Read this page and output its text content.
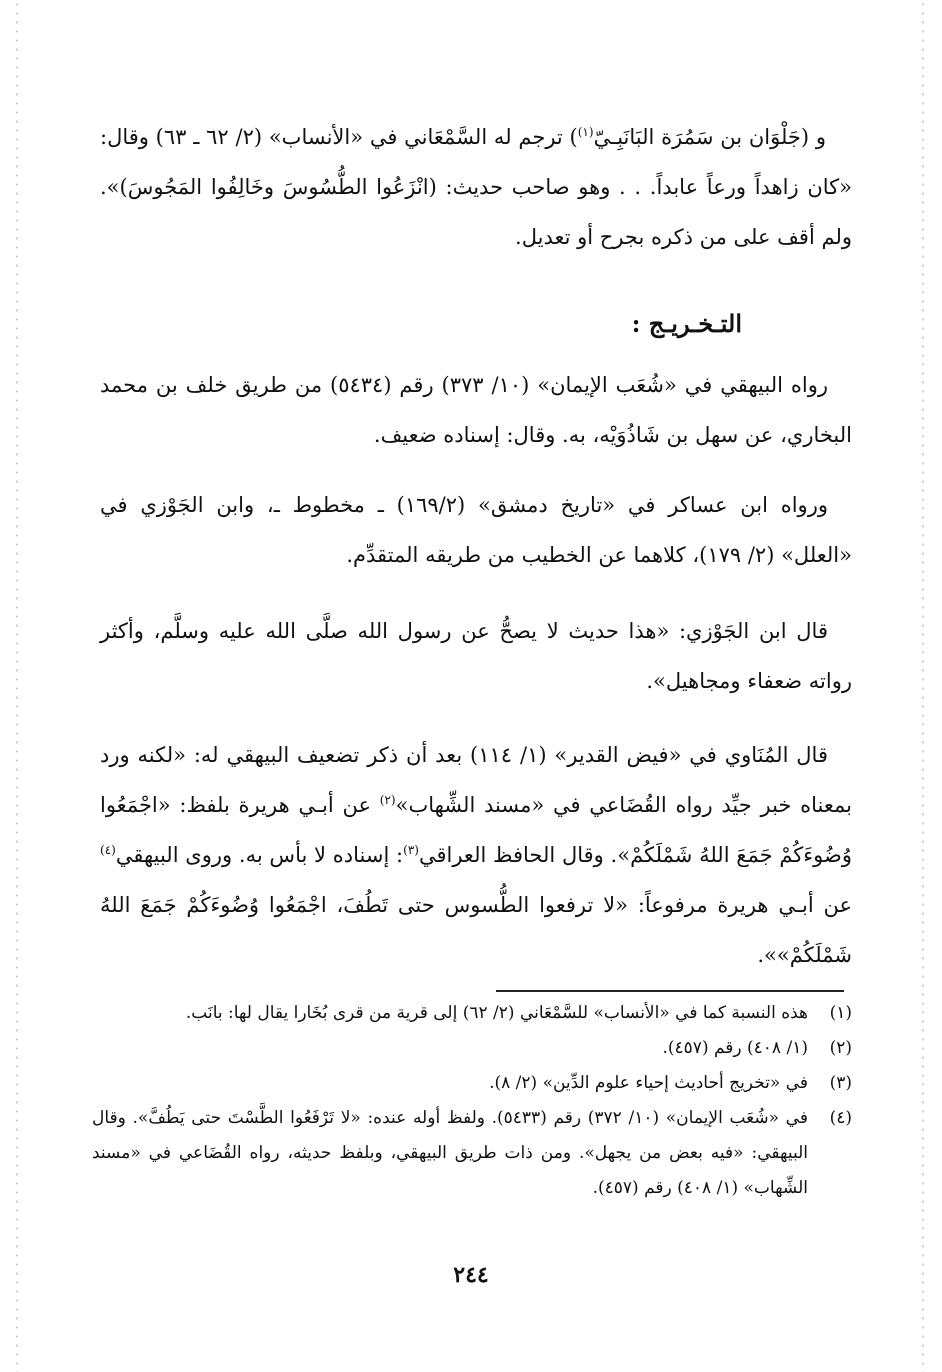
و (جَلْوَان بن سَمُرَة البَانَبِـيّ$^{(١)}$) ترجم له السَّمْعَاني في «الأنساب» (٢/ ٦٢ ـ ٦٣) وقال: «كان زاهداً ورعاً عابداً. . . وهو صاحب حديث: (انْزَعُوا الطُّسُوسَ وخَالِفُوا المَجُوسَ)». ولم أقف على من ذكره بجرح أو تعديل.

التـخـريـج :

رواه البيهقي في «شُعَب الإيمان» (١٠/ ٣٧٣) رقم (٥٤٣٤) من طريق خلف بن محمد البخاري، عن سهل بن شَاذُوَيْه، به. وقال: إسناده ضعيف.

ورواه ابن عساكر في «تاريخ دمشق» (١٦٩/٢) ـ مخطوط ـ، وابن الجَوْزي في «العلل» (٢/ ١٧٩)، كلاهما عن الخطيب من طريقه المتقدِّم.

قال ابن الجَوْزي: «هذا حديث لا يصحُّ عن رسول الله صلَّى الله عليه وسلَّم، وأكثر رواته ضعفاء ومجاهيل».

قال المُنَاوي في «فيض القدير» (١/ ١١٤) بعد أن ذكر تضعيف البيهقي له: «لكنه ورد بمعناه خبر جيِّد رواه القُضَاعي في «مسند الشِّهاب»$^{(٢)}$ عن أبـي هريرة بلفظ: «اجْمَعُوا وُضُوءَكُمْ جَمَعَ اللهُ شَمْلَكُمْ». وقال الحافظ العراقي$^{(٣)}$: إسناده لا بأس به. وروى البيهقي$^{(٤)}$ عن أبـي هريرة مرفوعاً: «لا ترفعوا الطُّسوس حتى تَطُفَ، اجْمَعُوا وُضُوءَكُمْ جَمَعَ اللهُ شَمْلَكُمْ»».

(١)
هذه النسبة كما في «الأنساب» للسَّمْعَاني (٢/ ٦٢) إلى قرية من قرى بُخَارا يقال لها: بانَب.

(٢)
(١/ ٤٠٨) رقم (٤٥٧).

(٣)
في «تخريج أحاديث إحياء علوم الدِّين» (٢/ ٨).

(٤)
في «شُعَب الإيمان» (١٠/ ٣٧٢) رقم (٥٤٣٣). ولفظ أوله عنده: «لا تَرْفَعُوا الطَّسْتَ حتى يَطُفَّ». وقال البيهقي: «فيه بعض من يجهل». ومن ذات طريق البيهقي، وبلفظ حديثه، رواه القُضَاعي في «مسند الشِّهاب» (١/ ٤٠٨) رقم (٤٥٧).

٢٤٤
